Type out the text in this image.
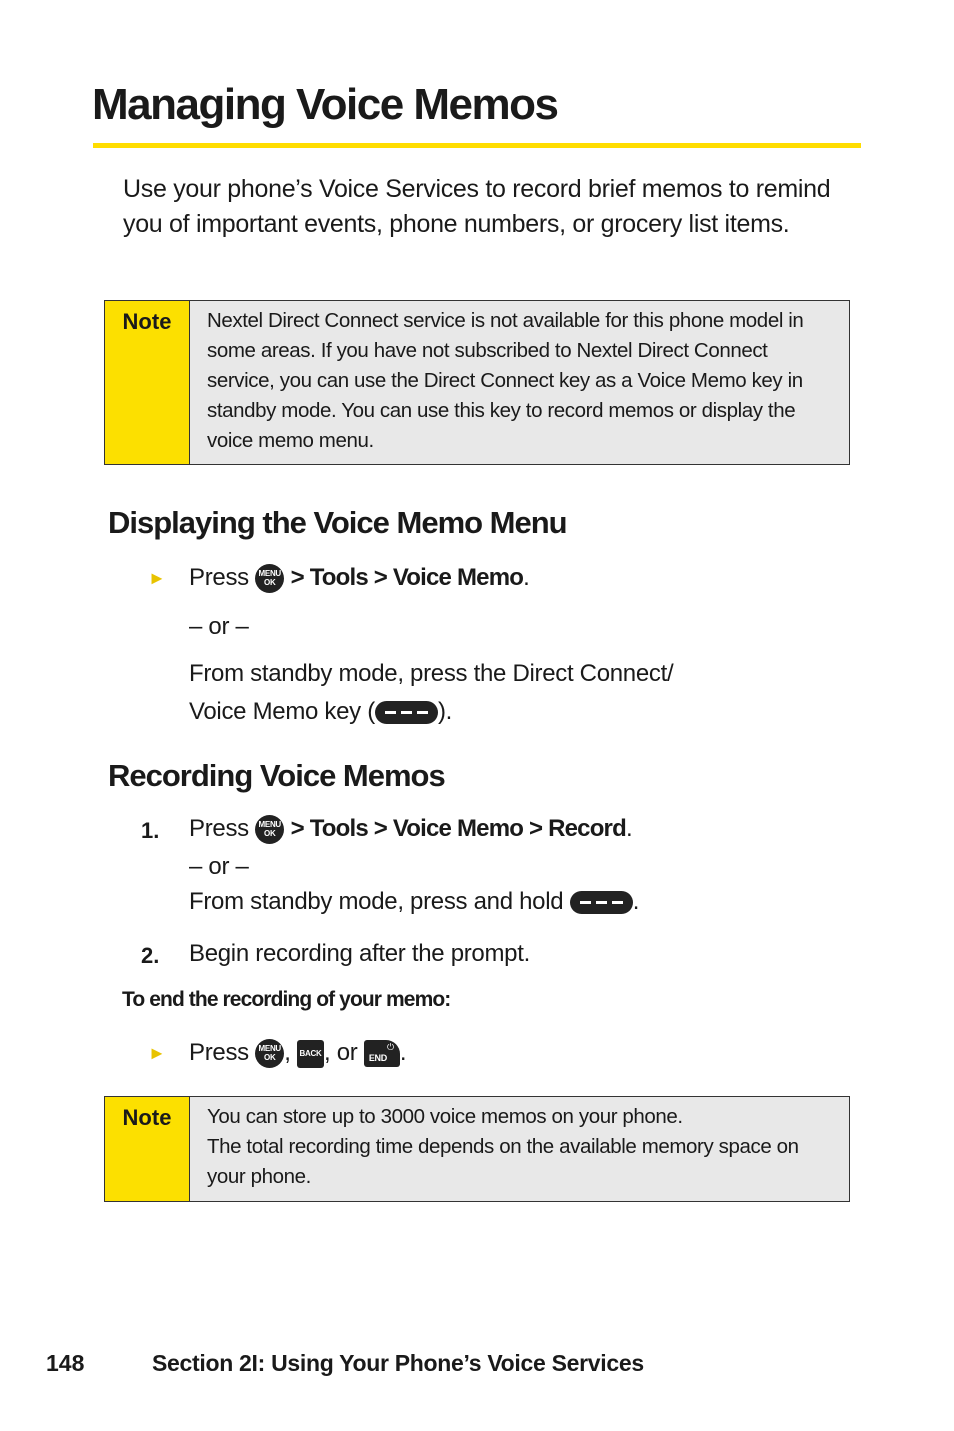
Managing Voice Memos

Use your phone’s Voice Services to record brief memos to remind you of important events, phone numbers, or grocery list items.

Note	Nextel Direct Connect service is not available for this phone model in some areas. If you have not subscribed to Nextel Direct Connect service, you can use the Direct Connect key as a Voice Memo key in standby mode. You can use this key to record memos or display the voice memo menu.
Displaying the Voice Memo Menu
► Press MENU
OK > Tools > Voice Memo.
– or –
From standby mode, press the Direct Connect/
Voice Memo key (	).
Recording Voice Memos
1. Press MENU
OK > Tools > Voice Memo > Record.
– or –
From standby mode, press and hold	.
2. Begin recording after the prompt.
To end the recording of your memo:
► Press MENU
OK , BACK , or END
⏻ .
Note	You can store up to 3000 voice memos on your phone.
The total recording time depends on the available memory space on your phone.
148	Section 2I: Using Your Phone’s Voice Services
